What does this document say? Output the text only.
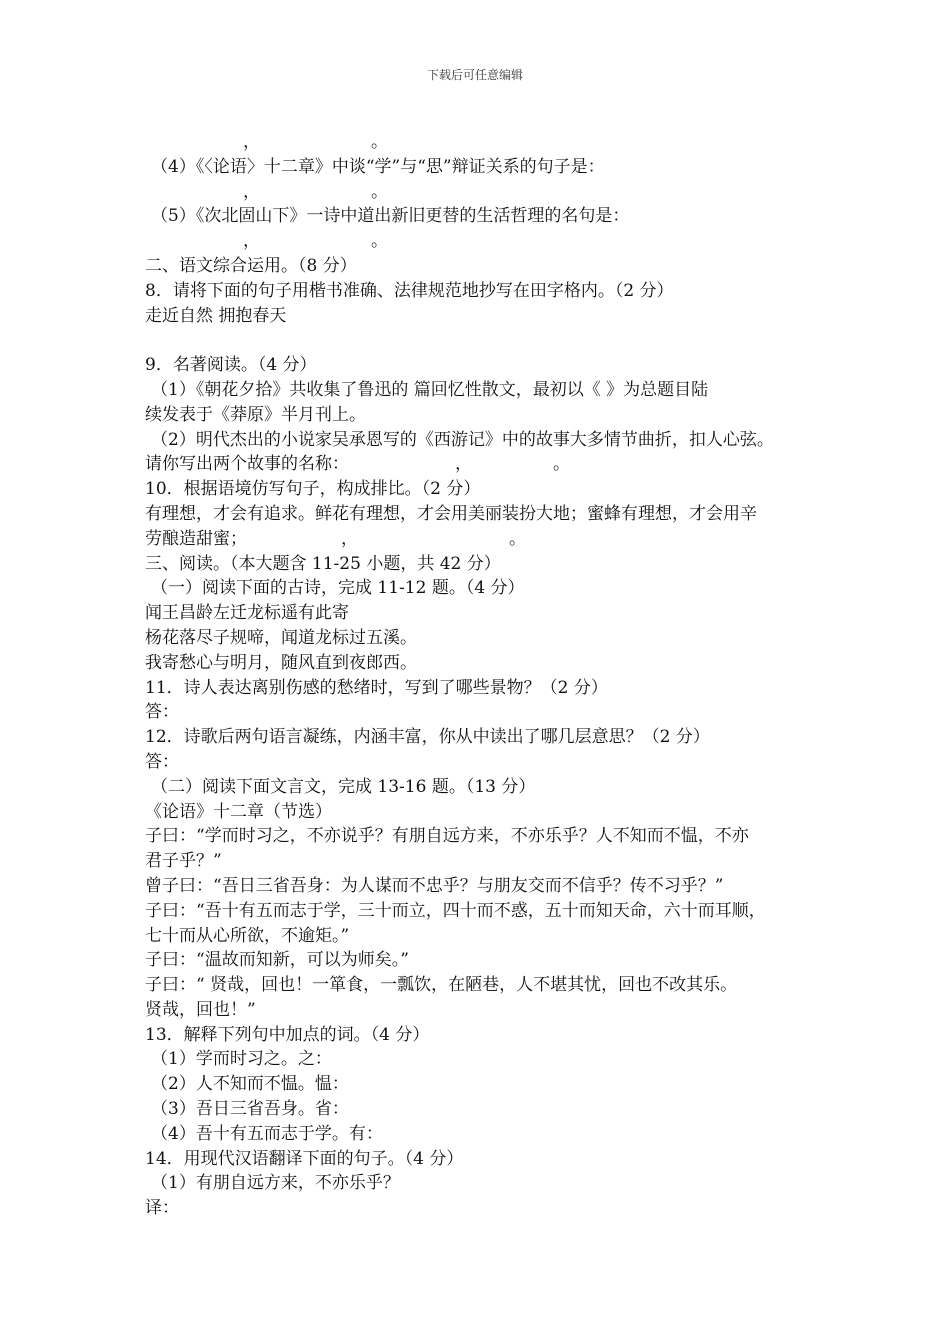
下载后可任意编辑
，	。
（4）《〈论语〉十二章》中谈“学”与“思”辩证关系的句子是：
，	。
（5）《次北固山下》一诗中道出新旧更替的生活哲理的名句是：
，	。
二、语文综合运用。（8 分）
8．请将下面的句子用楷书准确、法律规范地抄写在田字格内。（2 分）
走近自然 拥抱春天
9．名著阅读。（4 分）
（1）《朝花夕拾》共收集了鲁迅的 篇回忆性散文，最初以《 》为总题目陆
续发表于《莽原》半月刊上。
（2）明代杰出的小说家吴承恩写的《西游记》中的故事大多情节曲折，扣人心弦。
请你写出两个故事的名称：	，	。
10．根据语境仿写句子，构成排比。（2 分）
有理想，才会有追求。鲜花有理想，才会用美丽装扮大地；蜜蜂有理想，才会用辛
劳酿造甜蜜；	，	。
三、阅读。（本大题含 11-25 小题，共 42 分）
（一）阅读下面的古诗，完成 11-12 题。（4 分）
闻王昌龄左迁龙标遥有此寄
杨花落尽子规啼，闻道龙标过五溪。
我寄愁心与明月，随风直到夜郎西。
11．诗人表达离别伤感的愁绪时，写到了哪些景物？（2 分）
答：
12．诗歌后两句语言凝练，内涵丰富，你从中读出了哪几层意思？（2 分）
答：
（二）阅读下面文言文，完成 13-16 题。（13 分）
《论语》十二章（节选）
子曰：“学而时习之，不亦说乎？有朋自远方来，不亦乐乎？人不知而不愠，不亦
君子乎？”
曾子曰：“吾日三省吾身：为人谋而不忠乎？与朋友交而不信乎？传不习乎？”
子曰：“吾十有五而志于学，三十而立，四十而不惑，五十而知天命，六十而耳顺，
七十而从心所欲，不逾矩。”
子曰：“温故而知新，可以为师矣。”
子曰：“ 贤哉，回也！一箪食，一瓢饮，在陋巷，人不堪其忧，回也不改其乐。
贤哉，回也！”
13．解释下列句中加点的词。（4 分）
（1）学而时习之。之：
（2）人不知而不愠。愠：
（3）吾日三省吾身。省：
（4）吾十有五而志于学。有：
14．用现代汉语翻译下面的句子。（4 分）
（1）有朋自远方来，不亦乐乎？
译：
